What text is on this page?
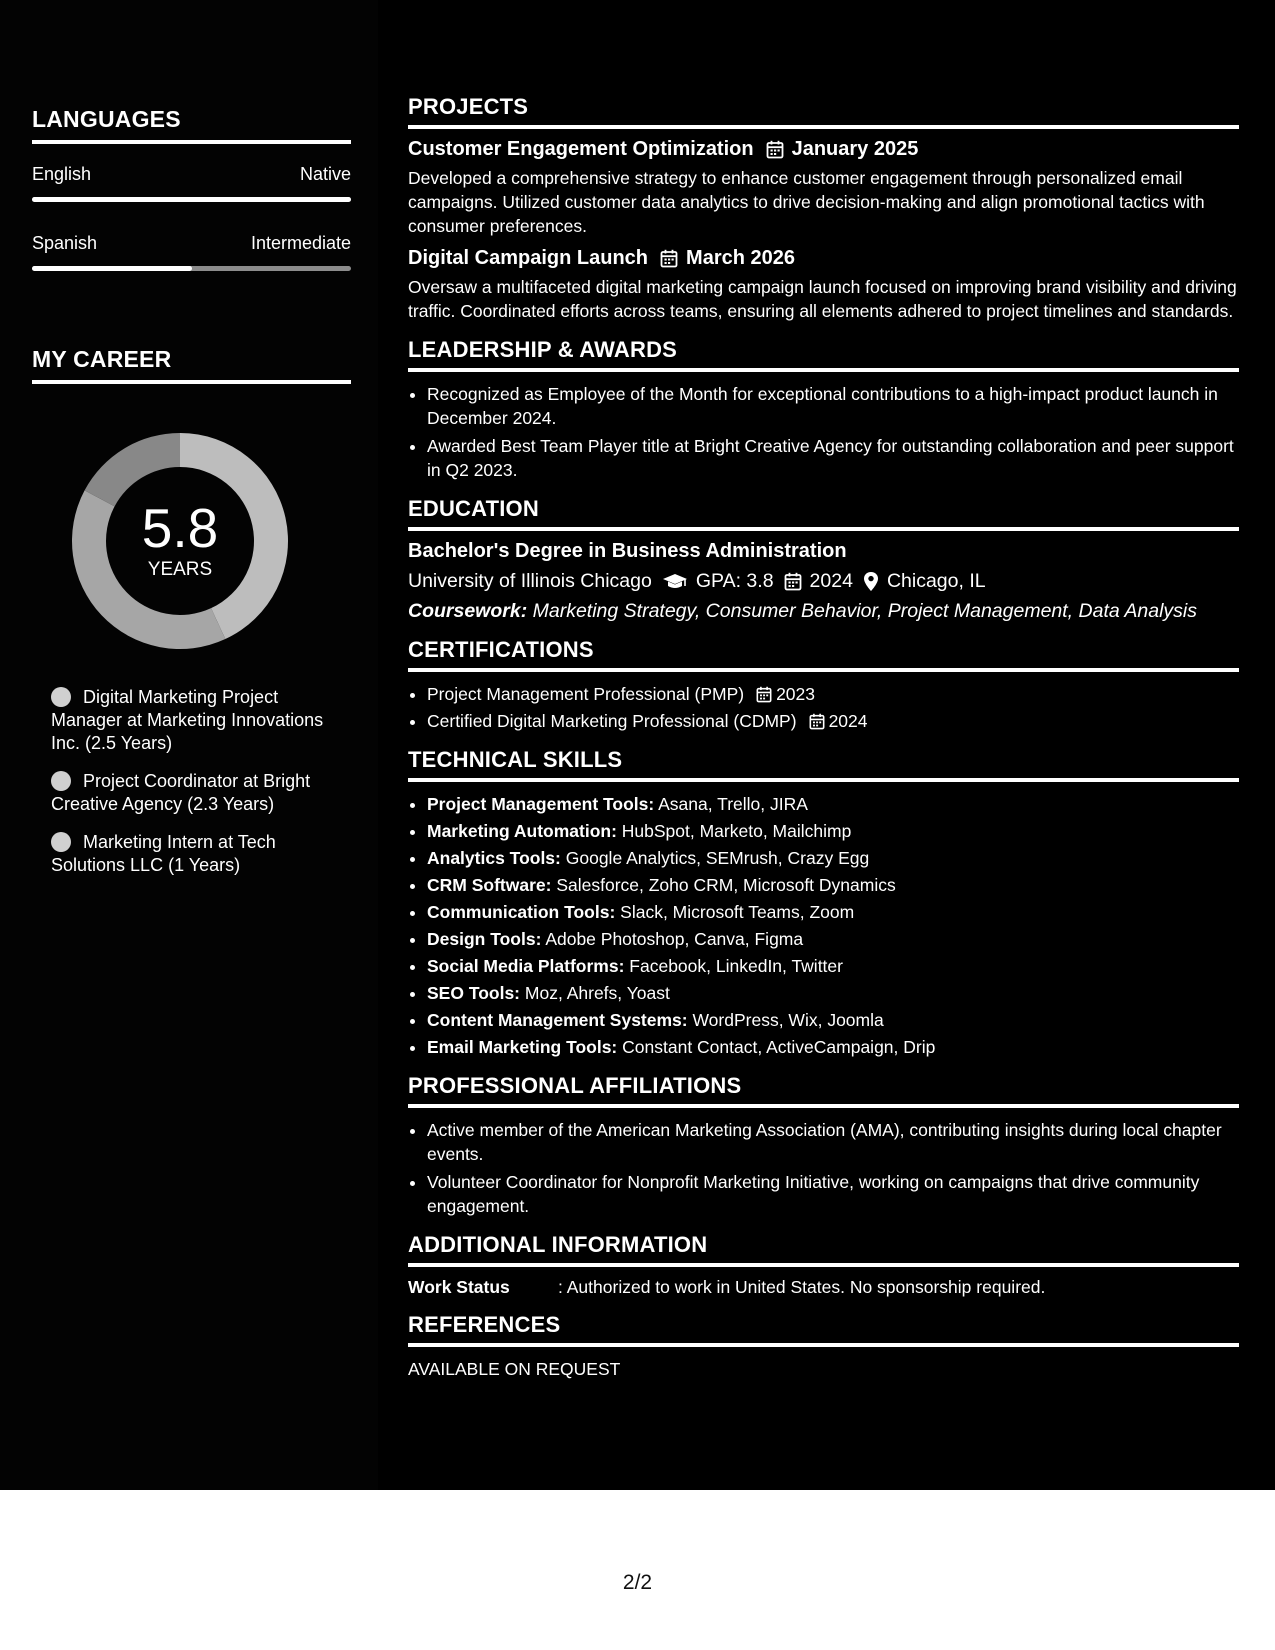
LANGUAGES
English	Native
Spanish	Intermediate
MY CAREER
5.8
YEARS
Digital Marketing Project Manager at Marketing Innovations Inc. (2.5 Years)
Project Coordinator at Bright Creative Agency (2.3 Years)
Marketing Intern at Tech Solutions LLC (1 Years)
PROJECTS
Customer Engagement Optimization January 2025
Developed a comprehensive strategy to enhance customer engagement through personalized email campaigns. Utilized customer data analytics to drive decision-making and align promotional tactics with consumer preferences.
Digital Campaign Launch March 2026
Oversaw a multifaceted digital marketing campaign launch focused on improving brand visibility and driving traffic. Coordinated efforts across teams, ensuring all elements adhered to project timelines and standards.
LEADERSHIP & AWARDS
• Recognized as Employee of the Month for exceptional contributions to a high-impact product launch in December 2024.
• Awarded Best Team Player title at Bright Creative Agency for outstanding collaboration and peer support in Q2 2023.
EDUCATION
Bachelor's Degree in Business Administration
University of Illinois Chicago GPA: 3.8 2024 Chicago, IL
Coursework: Marketing Strategy, Consumer Behavior, Project Management, Data Analysis
CERTIFICATIONS
• Project Management Professional (PMP) 2023
• Certified Digital Marketing Professional (CDMP) 2024
TECHNICAL SKILLS
• Project Management Tools: Asana, Trello, JIRA
• Marketing Automation: HubSpot, Marketo, Mailchimp
• Analytics Tools: Google Analytics, SEMrush, Crazy Egg
• CRM Software: Salesforce, Zoho CRM, Microsoft Dynamics
• Communication Tools: Slack, Microsoft Teams, Zoom
• Design Tools: Adobe Photoshop, Canva, Figma
• Social Media Platforms: Facebook, LinkedIn, Twitter
• SEO Tools: Moz, Ahrefs, Yoast
• Content Management Systems: WordPress, Wix, Joomla
• Email Marketing Tools: Constant Contact, ActiveCampaign, Drip
PROFESSIONAL AFFILIATIONS
• Active member of the American Marketing Association (AMA), contributing insights during local chapter events.
• Volunteer Coordinator for Nonprofit Marketing Initiative, working on campaigns that drive community engagement.
ADDITIONAL INFORMATION
Work Status	: Authorized to work in United States. No sponsorship required.
REFERENCES
AVAILABLE ON REQUEST
2/2
